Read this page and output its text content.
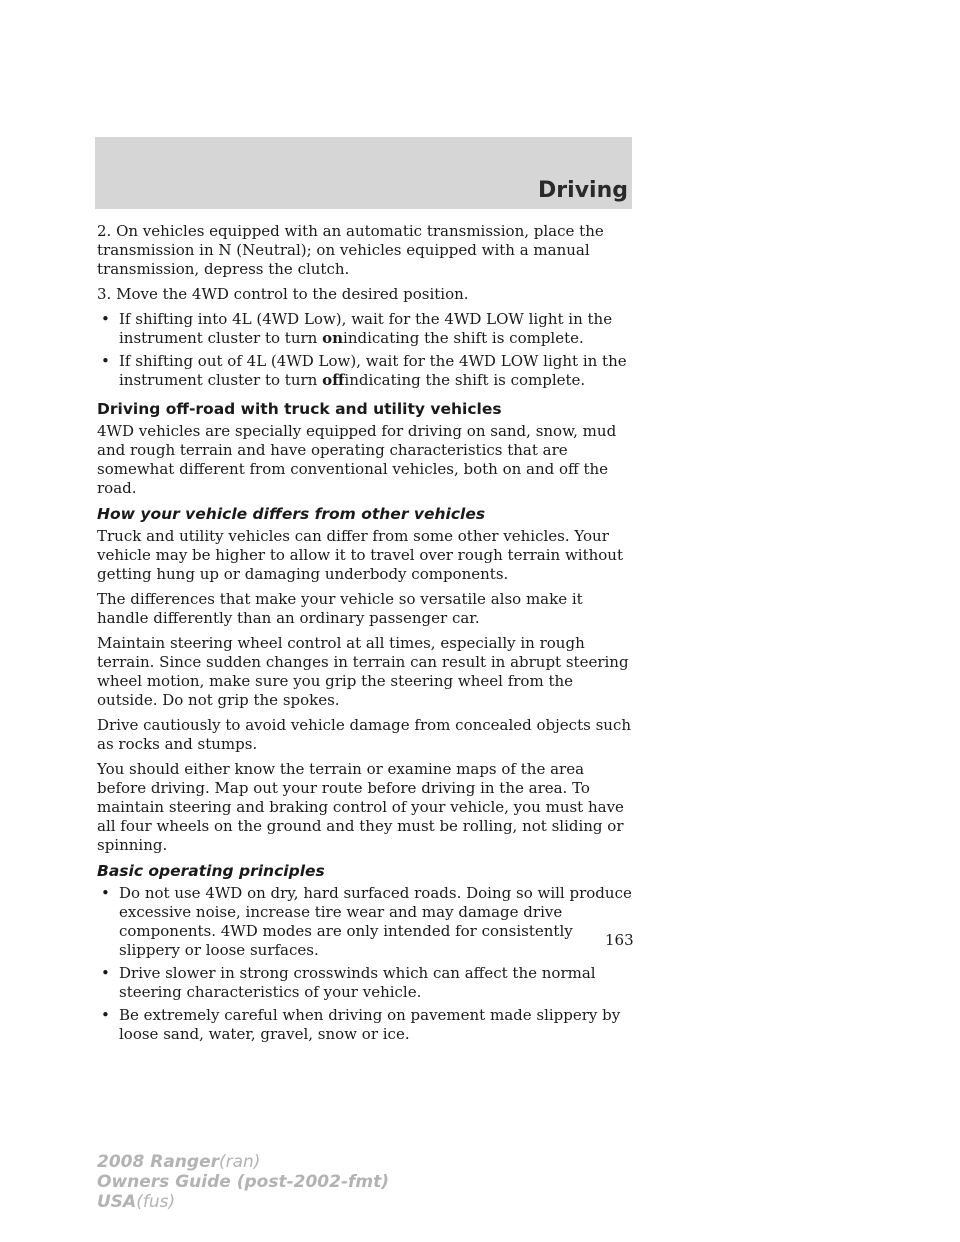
Driving

2. On vehicles equipped with an automatic transmission, place the transmission in N (Neutral); on vehicles equipped with a manual transmission, depress the clutch.

3. Move the 4WD control to the desired position.

• If shifting into 4L (4WD Low), wait for the 4WD LOW light in the instrument cluster to turn onindicating the shift is complete.
• If shifting out of 4L (4WD Low), wait for the 4WD LOW light in the instrument cluster to turn offindicating the shift is complete.
Driving off-road with truck and utility vehicles

4WD vehicles are specially equipped for driving on sand, snow, mud and rough terrain and have operating characteristics that are somewhat different from conventional vehicles, both on and off the road.

How your vehicle differs from other vehicles

Truck and utility vehicles can differ from some other vehicles. Your vehicle may be higher to allow it to travel over rough terrain without getting hung up or damaging underbody components.

The differences that make your vehicle so versatile also make it handle differently than an ordinary passenger car.

Maintain steering wheel control at all times, especially in rough terrain. Since sudden changes in terrain can result in abrupt steering wheel motion, make sure you grip the steering wheel from the outside. Do not grip the spokes.

Drive cautiously to avoid vehicle damage from concealed objects such as rocks and stumps.

You should either know the terrain or examine maps of the area before driving. Map out your route before driving in the area. To maintain steering and braking control of your vehicle, you must have all four wheels on the ground and they must be rolling, not sliding or spinning.

Basic operating principles
• Do not use 4WD on dry, hard surfaced roads. Doing so will produce excessive noise, increase tire wear and may damage drive components. 4WD modes are only intended for consistently slippery or loose surfaces.
• Drive slower in strong crosswinds which can affect the normal steering characteristics of your vehicle.
• Be extremely careful when driving on pavement made slippery by loose sand, water, gravel, snow or ice.
163
2008 Ranger(ran)
Owners Guide (post-2002-fmt)
USA(fus)
